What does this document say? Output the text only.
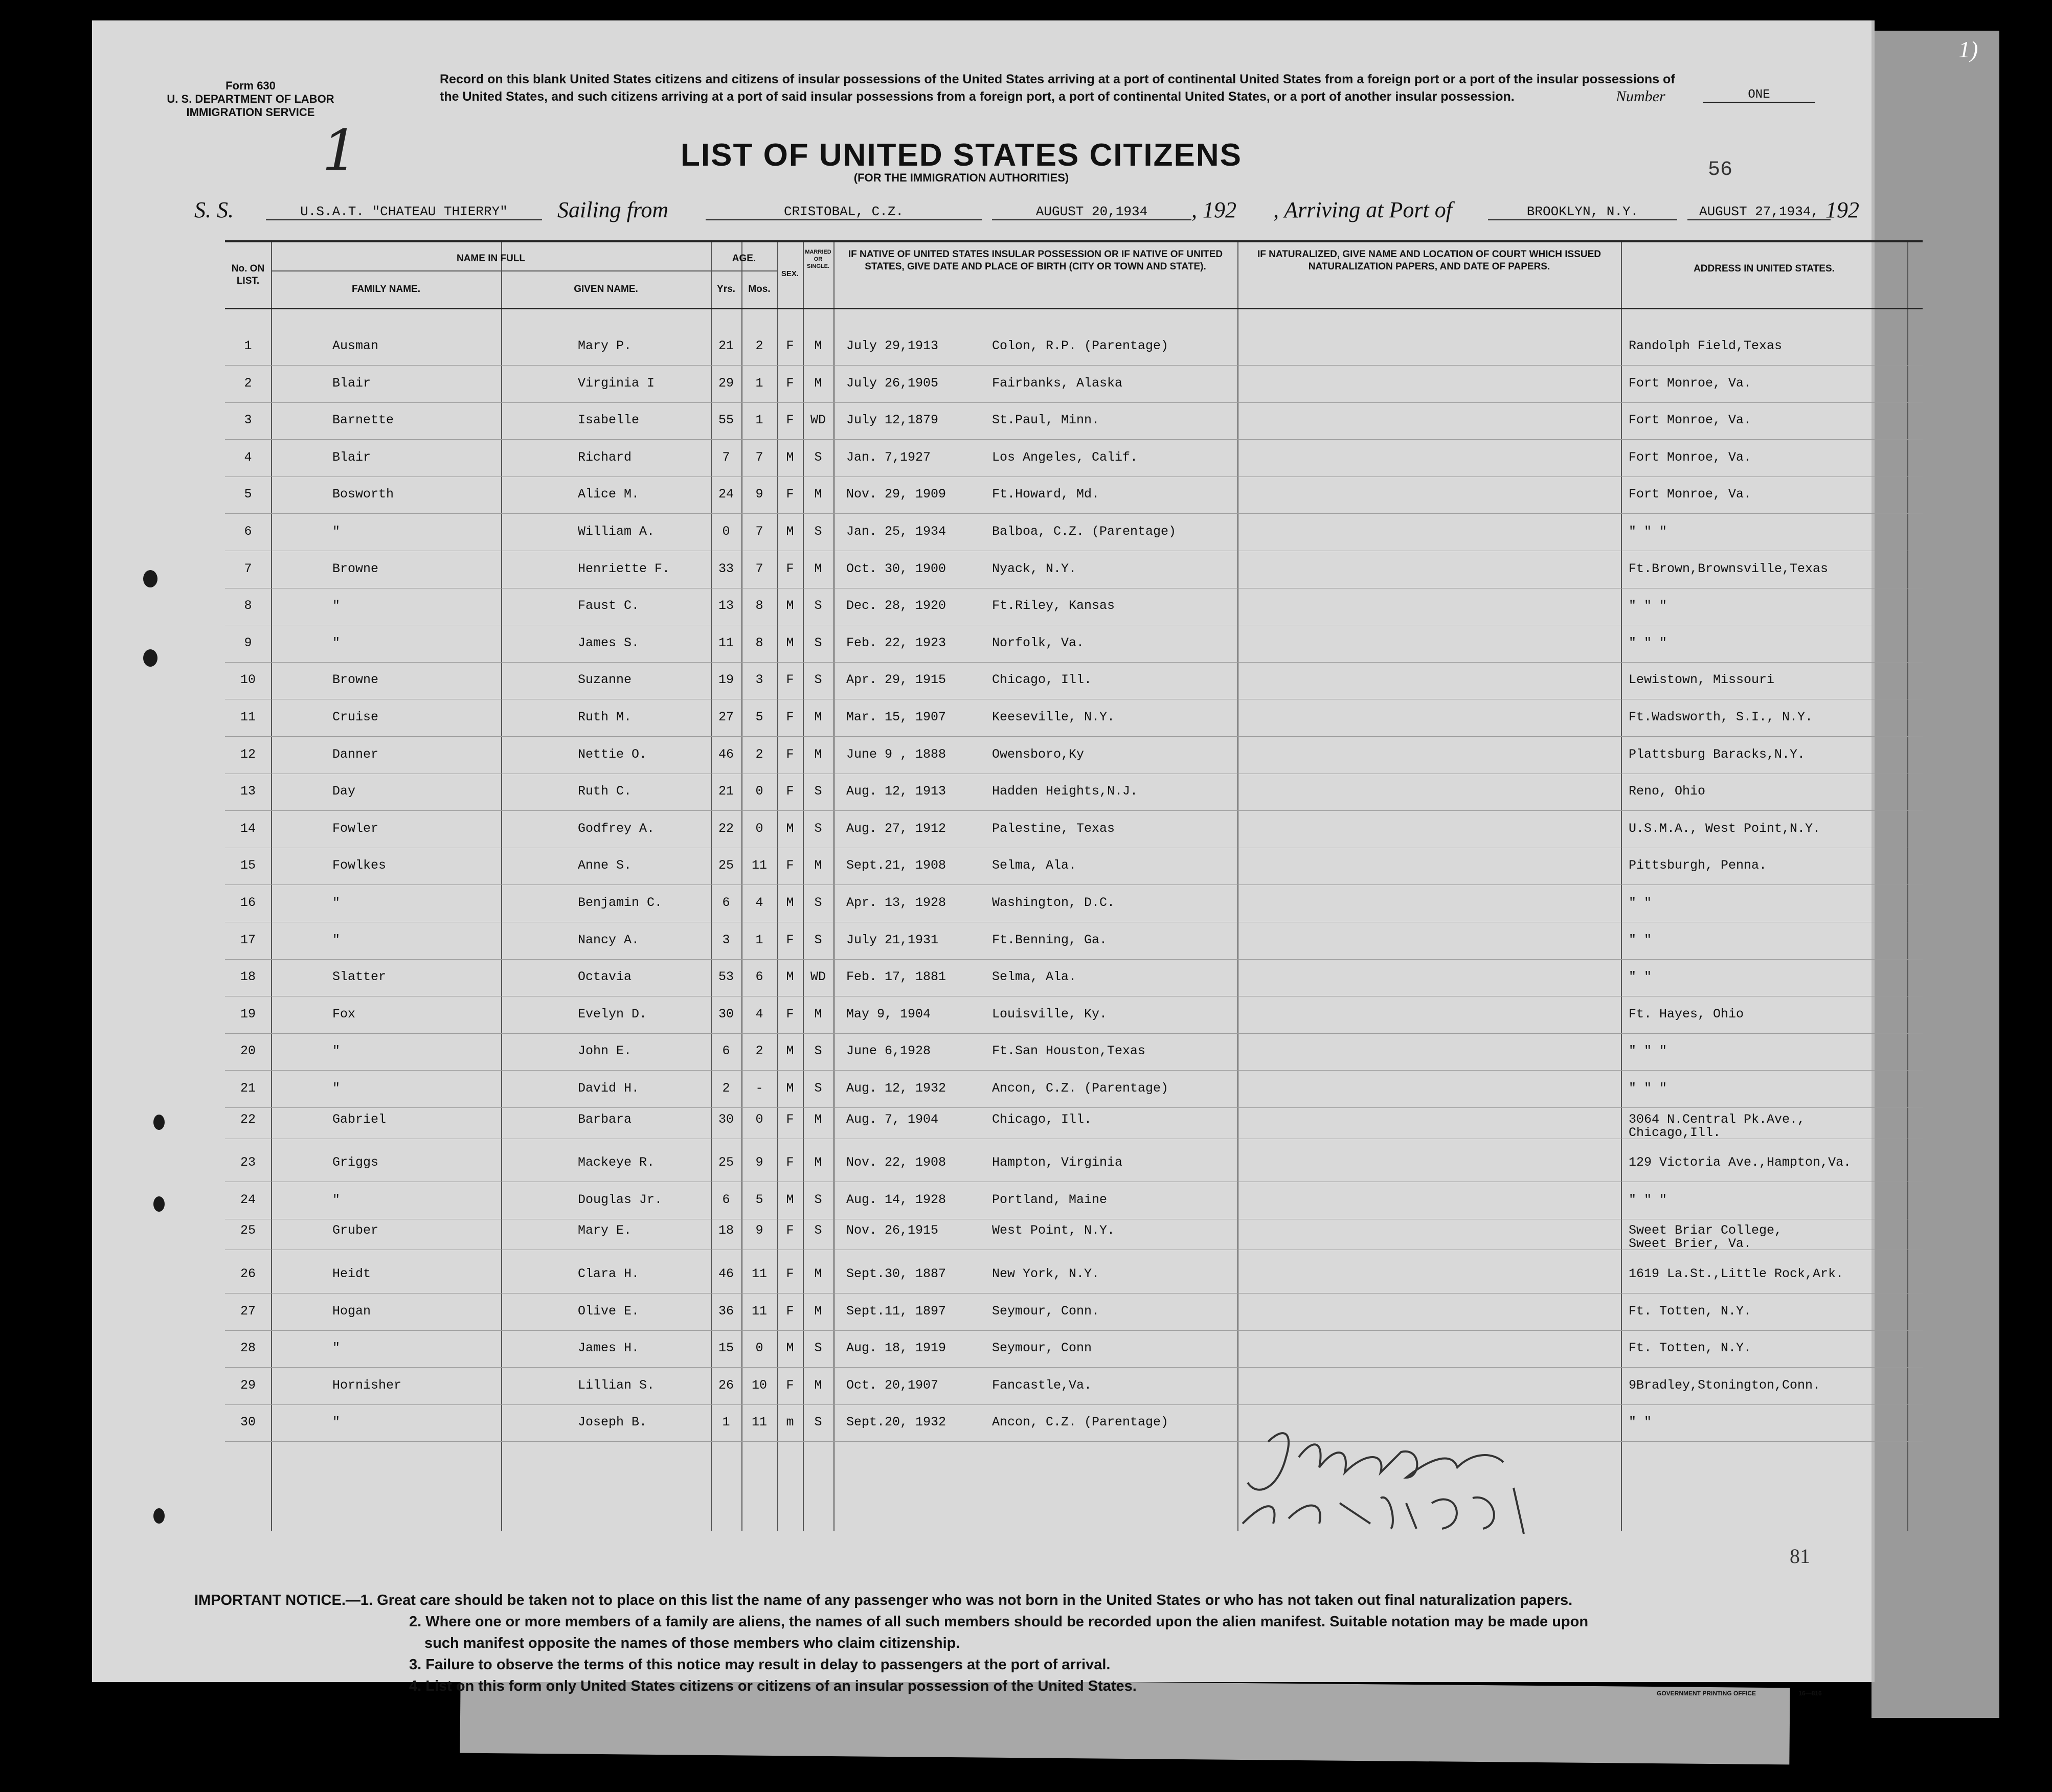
Form 630
U. S. DEPARTMENT OF LABOR
IMMIGRATION SERVICE
1
Record on this blank United States citizens and citizens of insular possessions of the United States arriving at a port of continental United States from a foreign port or a port of the insular possessions of the United States, and such citizens arriving at a port of said insular possessions from a foreign port, a port of continental United States, or a port of another insular possession.	Number	ONE
LIST OF UNITED STATES CITIZENS
(FOR THE IMMIGRATION AUTHORITIES)	56
S. S.	U.S.A.T. "CHATEAU THIERRY"	Sailing from	CRISTOBAL, C.Z.	AUGUST 20,1934	, 192 , Arriving at Port of	BROOKLYN, N.Y.	AUGUST 27,1934, 192
No. ON LIST.
NAME IN FULL
FAMILY NAME.	GIVEN NAME.
AGE.
Yrs.	Mos.
SEX.
MARRIED OR SINGLE.
IF NATIVE OF UNITED STATES INSULAR POSSESSION OR IF NATIVE OF UNITED STATES, GIVE DATE AND PLACE OF BIRTH (CITY OR TOWN AND STATE).
IF NATURALIZED, GIVE NAME AND LOCATION OF COURT WHICH ISSUED NATURALIZATION PAPERS, AND DATE OF PAPERS.	ADDRESS IN UNITED STATES.
1	Ausman	Mary P.	21	2	F	M	July 29,1913	Colon, R.P. (Parentage)	Randolph Field,Texas
2	Blair	Virginia I	29	1	F	M	July 26,1905	Fairbanks, Alaska	Fort Monroe, Va.
3	Barnette	Isabelle	55	1	F	WD	July 12,1879	St.Paul, Minn.	Fort Monroe, Va.
4	Blair	Richard	7	7	M	S	Jan. 7,1927	Los Angeles, Calif.	Fort Monroe, Va.
5	Bosworth	Alice M.	24	9	F	M	Nov. 29, 1909	Ft.Howard, Md.	Fort Monroe, Va.
6	"	William A.	0	7	M	S	Jan. 25, 1934	Balboa, C.Z. (Parentage)	" " "
7	Browne	Henriette F.	33	7	F	M	Oct. 30, 1900	Nyack, N.Y.	Ft.Brown,Brownsville,Texas
8	"	Faust C.	13	8	M	S	Dec. 28, 1920	Ft.Riley, Kansas	" " "
9	"	James S.	11	8	M	S	Feb. 22, 1923	Norfolk, Va.	" " "
10	Browne	Suzanne	19	3	F	S	Apr. 29, 1915	Chicago, Ill.	Lewistown, Missouri
11	Cruise	Ruth M.	27	5	F	M	Mar. 15, 1907	Keeseville, N.Y.	Ft.Wadsworth, S.I., N.Y.
12	Danner	Nettie O.	46	2	F	M	June 9 , 1888	Owensboro,Ky	Plattsburg Baracks,N.Y.
13	Day	Ruth C.	21	0	F	S	Aug. 12, 1913	Hadden Heights,N.J.	Reno, Ohio
14	Fowler	Godfrey A.	22	0	M	S	Aug. 27, 1912	Palestine, Texas	U.S.M.A., West Point,N.Y.
15	Fowlkes	Anne S.	25	11	F	M	Sept.21, 1908	Selma, Ala.	Pittsburgh, Penna.
16	"	Benjamin C.	6	4	M	S	Apr. 13, 1928	Washington, D.C.	" "
17	"	Nancy A.	3	1	F	S	July 21,1931	Ft.Benning, Ga.	" "
18	Slatter	Octavia	53	6	M	WD	Feb. 17, 1881	Selma, Ala.	" "
19	Fox	Evelyn D.	30	4	F	M	May 9, 1904	Louisville, Ky.	Ft. Hayes, Ohio
20	"	John E.	6	2	M	S	June 6,1928	Ft.San Houston,Texas	" " "
21	"	David H.	2	-	M	S	Aug. 12, 1932	Ancon, C.Z. (Parentage)	" " "
22	Gabriel	Barbara	30	0	F	M	Aug. 7, 1904	Chicago, Ill.	3064 N.Central Pk.Ave.,
Chicago,Ill.
23	Griggs	Mackeye R.	25	9	F	M	Nov. 22, 1908	Hampton, Virginia	129 Victoria Ave.,Hampton,Va.
24	"	Douglas Jr.	6	5	M	S	Aug. 14, 1928	Portland, Maine	" " "
25	Gruber	Mary E.	18	9	F	S	Nov. 26,1915	West Point, N.Y.	Sweet Briar College,
Sweet Brier, Va.
26	Heidt	Clara H.	46	11	F	M	Sept.30, 1887	New York, N.Y.	1619 La.St.,Little Rock,Ark.
27	Hogan	Olive E.	36	11	F	M	Sept.11, 1897	Seymour, Conn.	Ft. Totten, N.Y.
28	"	James H.	15	0	M	S	Aug. 18, 1919	Seymour, Conn	Ft. Totten, N.Y.
29	Hornisher	Lillian S.	26	10	F	M	Oct. 20,1907	Fancastle,Va.	9Bradley,Stonington,Conn.
30	"	Joseph B.	1	11	m	S	Sept.20, 1932	Ancon, C.Z. (Parentage)	" "
81
IMPORTANT NOTICE.—1. Great care should be taken not to place on this list the name of any passenger who was not born in the United States or who has not taken out final naturalization papers.
2. Where one or more members of a family are aliens, the names of all such members should be recorded upon the alien manifest. Suitable notation may be made upon
such manifest opposite the names of those members who claim citizenship.
3. Failure to observe the terms of this notice may result in delay to passengers at the port of arrival.
4. List on this form only United States citizens or citizens of an insular possession of the United States.	GOVERNMENT PRINTING OFFICE	16—816
1)
